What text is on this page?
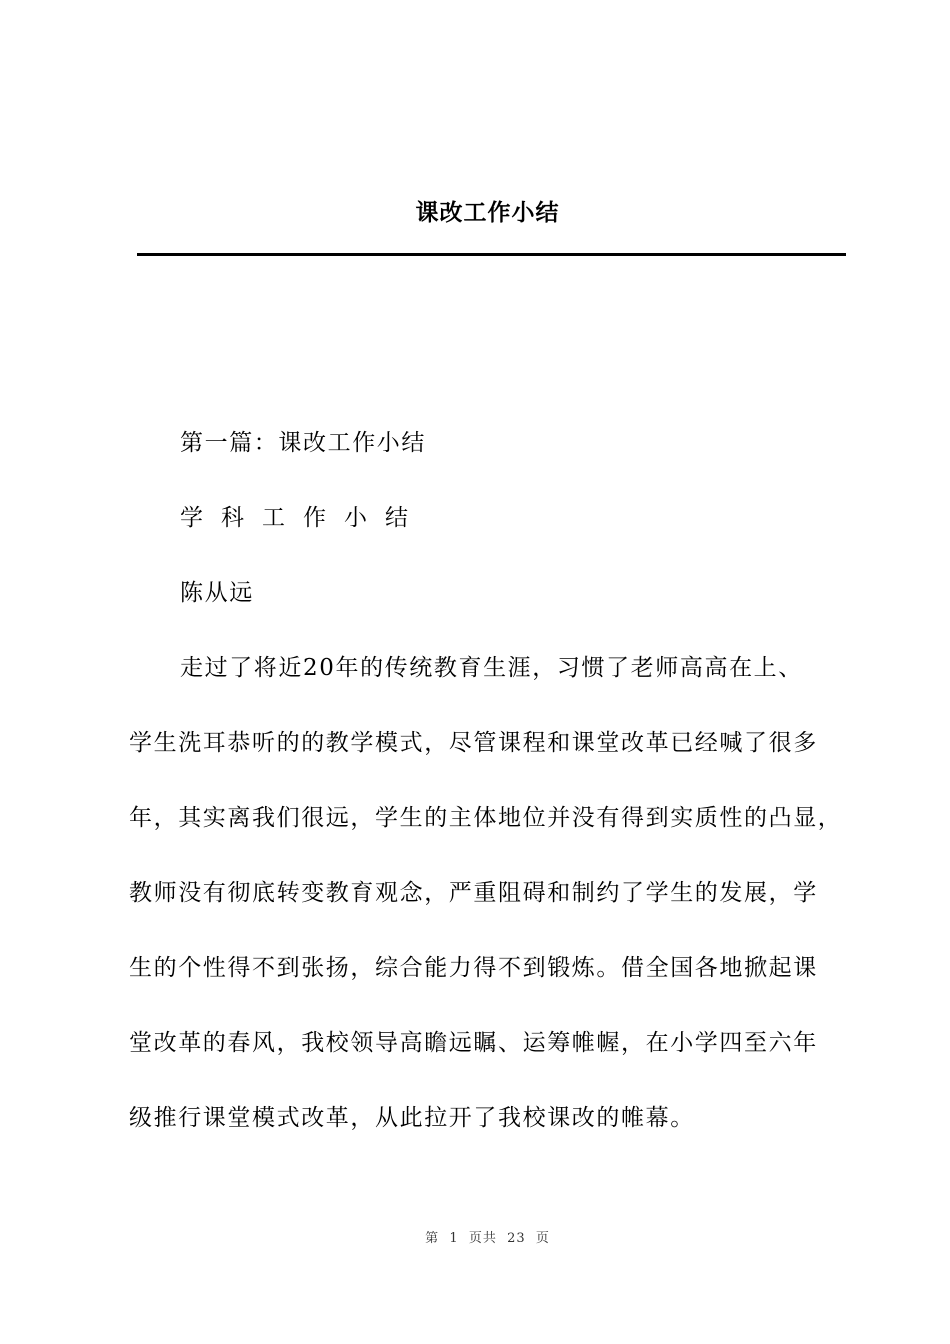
课改工作小结
第一篇：课改工作小结
学科工作小结
陈从远
走过了将近20年的传统教育生涯，习惯了老师高高在上、
学生洗耳恭听的的教学模式，尽管课程和课堂改革已经喊了很多
年，其实离我们很远，学生的主体地位并没有得到实质性的凸显，
教师没有彻底转变教育观念，严重阻碍和制约了学生的发展，学
生的个性得不到张扬，综合能力得不到锻炼。借全国各地掀起课
堂改革的春风，我校领导高瞻远瞩、运筹帷幄，在小学四至六年
级推行课堂模式改革，从此拉开了我校课改的帷幕。
第  1  页共  23  页
